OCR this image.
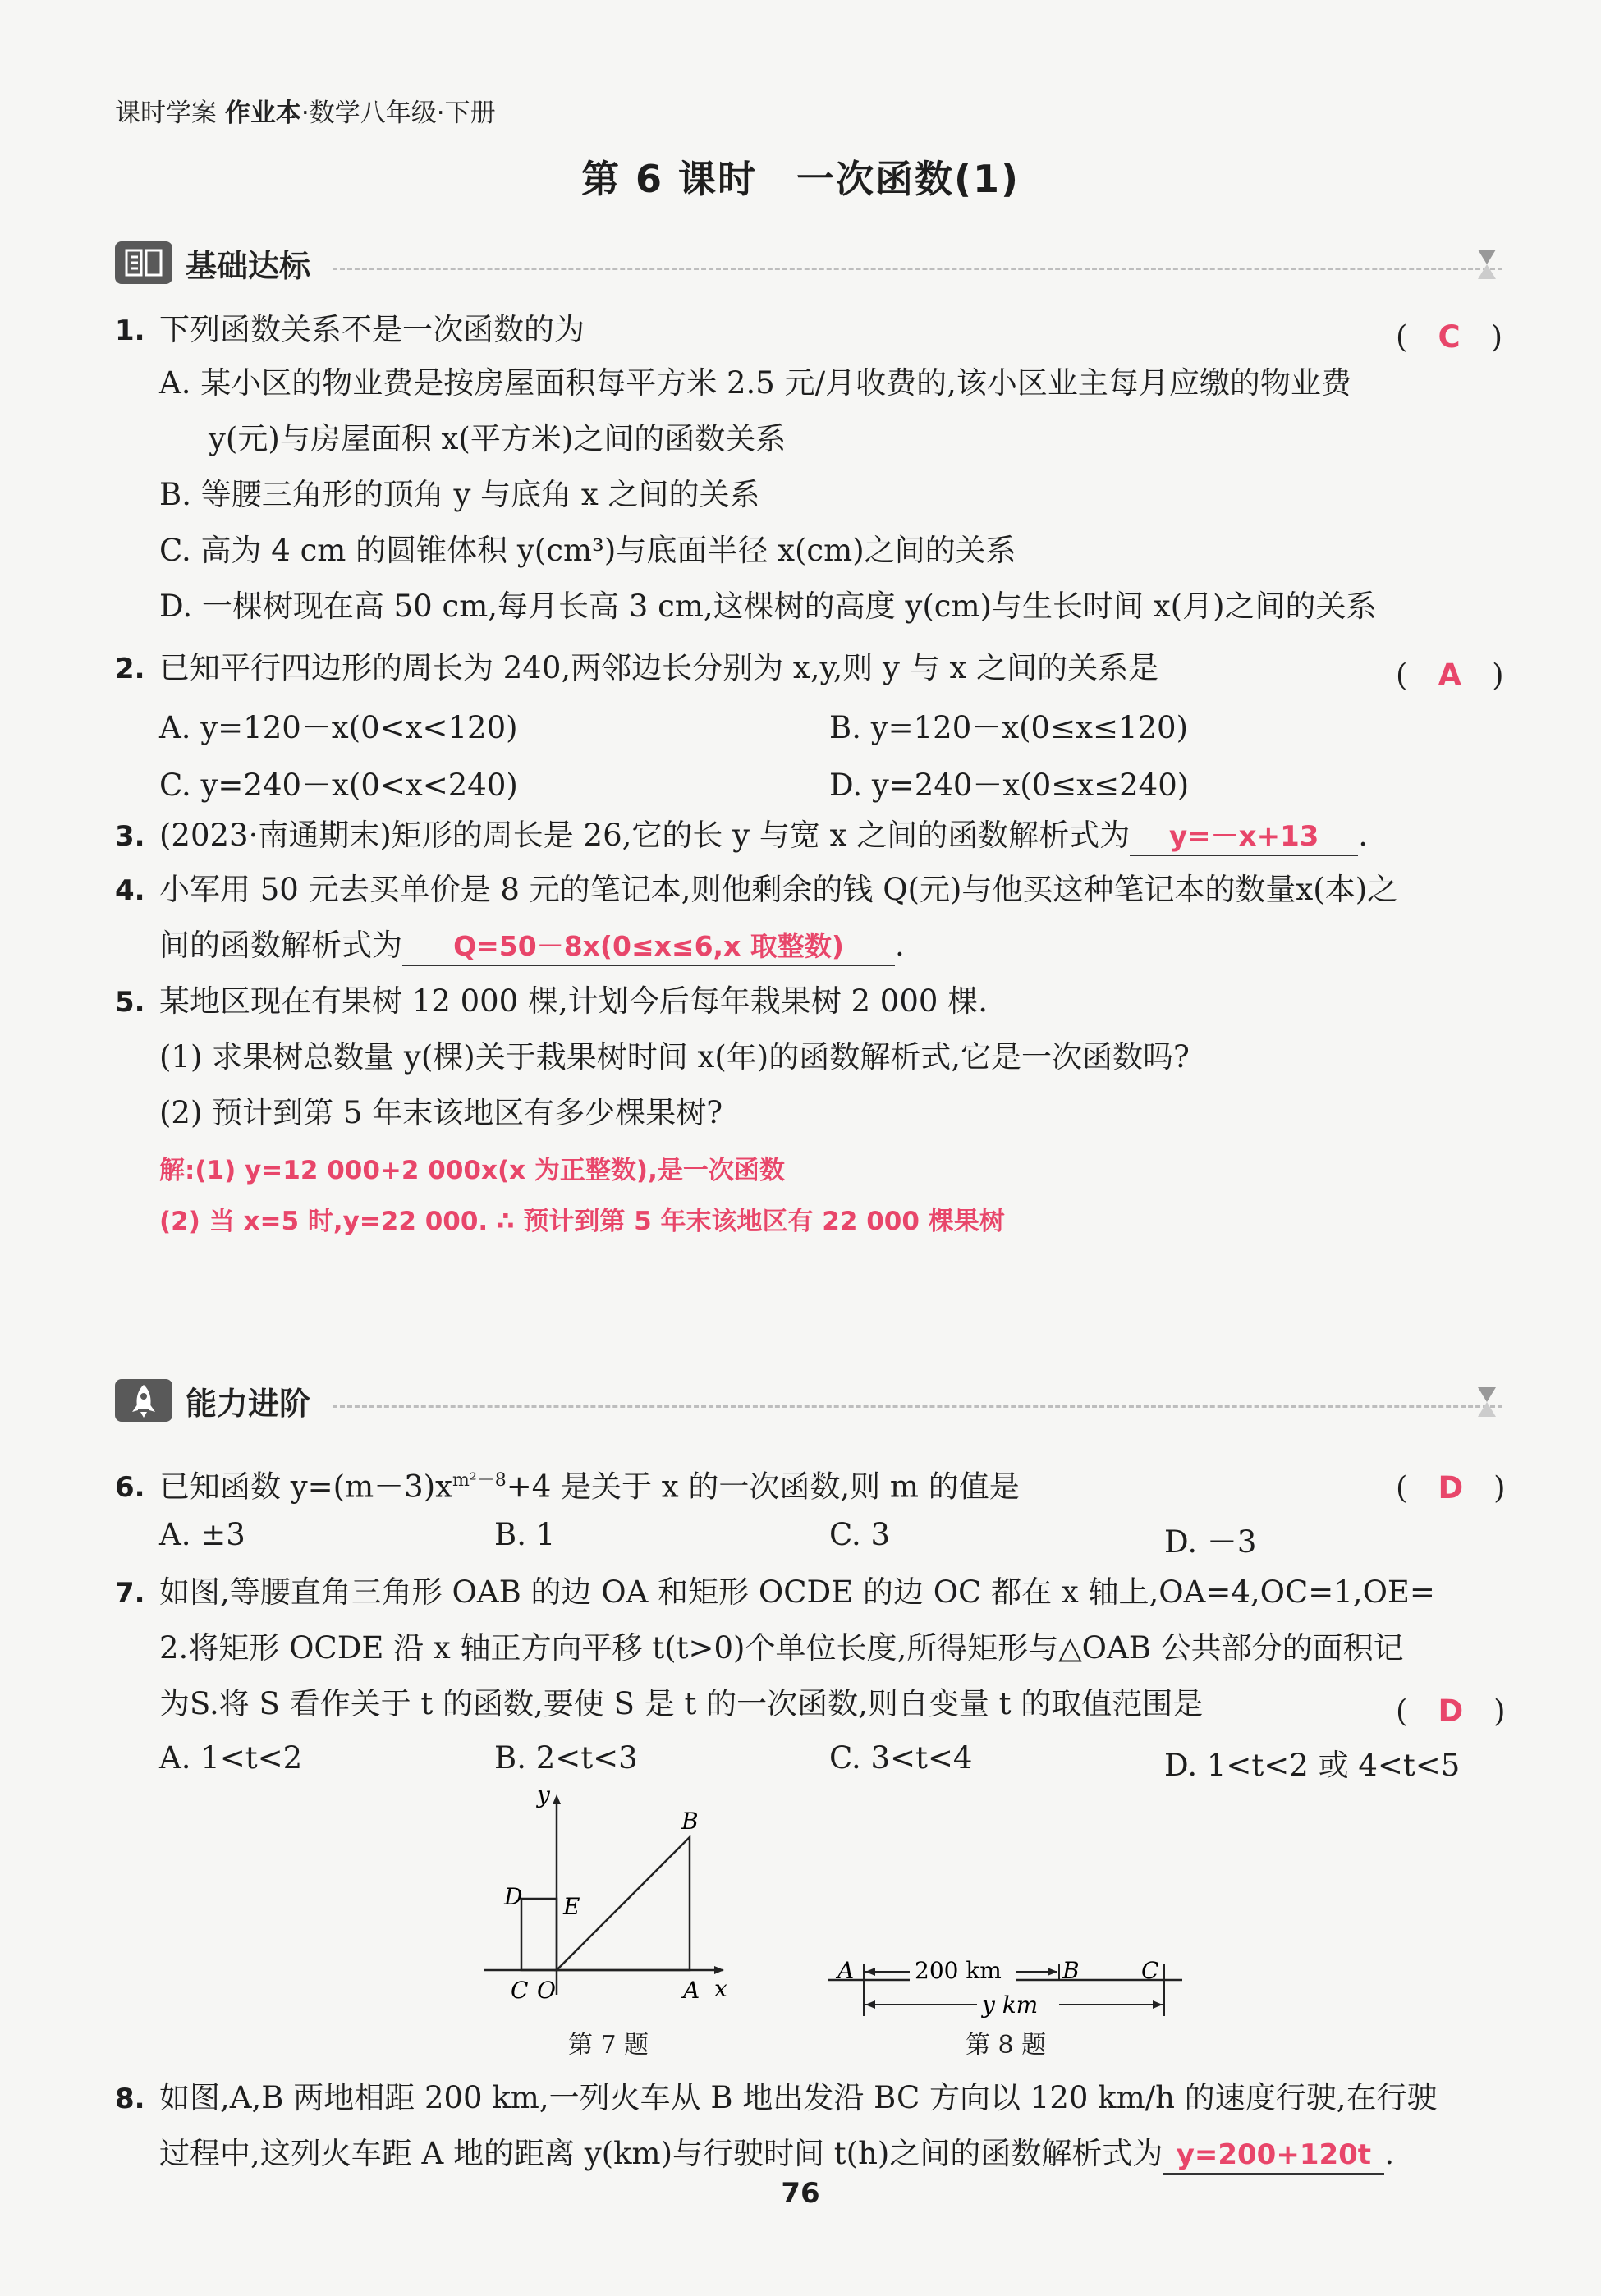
课时学案 作业本·数学八年级·下册
第 6 课时　一次函数(1)
基础达标
1. 下列函数关系不是一次函数的为	(　C　)
A. 某小区的物业费是按房屋面积每平方米 2.5 元/月收费的,该小区业主每月应缴的物业费
y(元)与房屋面积 x(平方米)之间的函数关系
B. 等腰三角形的顶角 y 与底角 x 之间的关系
C. 高为 4 cm 的圆锥体积 y(cm³)与底面半径 x(cm)之间的关系
D. 一棵树现在高 50 cm,每月长高 3 cm,这棵树的高度 y(cm)与生长时间 x(月)之间的关系
2. 已知平行四边形的周长为 240,两邻边长分别为 x,y,则 y 与 x 之间的关系是	(　A　)
A. y=120－x(0<x<120)	B. y=120－x(0≤x≤120)
C. y=240－x(0<x<240)	D. y=240－x(0≤x≤240)
3. (2023·南通期末)矩形的周长是 26,它的长 y 与宽 x 之间的函数解析式为 y=－x+13 .
4. 小军用 50 元去买单价是 8 元的笔记本,则他剩余的钱 Q(元)与他买这种笔记本的数量x(本)之
间的函数解析式为 Q=50－8x(0≤x≤6,x 取整数) .
5. 某地区现在有果树 12 000 棵,计划今后每年栽果树 2 000 棵.
(1) 求果树总数量 y(棵)关于栽果树时间 x(年)的函数解析式,它是一次函数吗?
(2) 预计到第 5 年末该地区有多少棵果树?
解:(1) y=12 000+2 000x(x 为正整数),是一次函数
(2) 当 x=5 时,y=22 000. ∴ 预计到第 5 年末该地区有 22 000 棵果树
能力进阶
6. 已知函数 $y=(m-3)x^{m^2-8}+4$ 是关于 x 的一次函数,则 m 的值是	(　D　)
A. ±3	B. 1	C. 3	D. －3
7. 如图,等腰直角三角形 OAB 的边 OA 和矩形 OCDE 的边 OC 都在 x 轴上,OA=4,OC=1,OE=
2.将矩形 OCDE 沿 x 轴正方向平移 t(t>0)个单位长度,所得矩形与△OAB 公共部分的面积记
为S.将 S 看作关于 t 的函数,要使 S 是 t 的一次函数,则自变量 t 的取值范围是	(　D　)
A. 1<t<2	B. 2<t<3	C. 3<t<4	D. 1<t<2 或 4<t<5
y
x
B
D E
C O	A
第 7 题
200 km
y km
A	B	C
第 8 题
8. 如图,A,B 两地相距 200 km,一列火车从 B 地出发沿 BC 方向以 120 km/h 的速度行驶,在行驶
过程中,这列火车距 A 地的距离 y(km)与行驶时间 t(h)之间的函数解析式为 y=200+120t .
76
